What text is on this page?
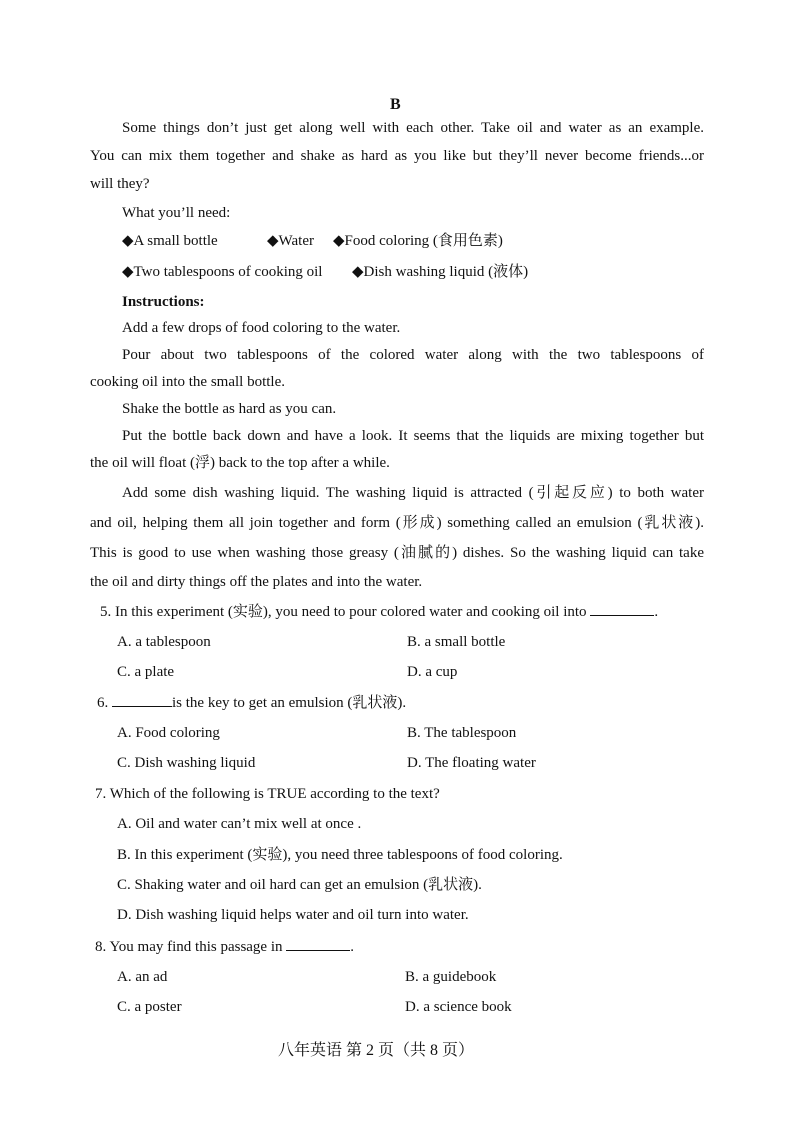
B
Some things don’t just get along well with each other. Take oil and water as an example.
You can mix them together and shake as hard as you like but they’ll never become friends...or
will they?
What you’ll need:
◆A small bottle	◆Water ◆Food coloring (食用色素)
◆Two tablespoons of cooking oil ◆Dish washing liquid (液体)
Instructions:
Add a few drops of food coloring to the water.
Pour about two tablespoons of the colored water along with the two tablespoons of
cooking oil into the small bottle.
Shake the bottle as hard as you can.
Put the bottle back down and have a look. It seems that the liquids are mixing together but
the oil will float (浮) back to the top after a while.
Add some dish washing liquid. The washing liquid is attracted (引起反应) to both water
and oil, helping them all join together and form (形成) something called an emulsion (乳状液).
This is good to use when washing those greasy (油腻的) dishes. So the washing liquid can take
the oil and dirty things off the plates and into the water.
5. In this experiment (实验), you need to pour colored water and cooking oil into	.
A. a tablespoon	B. a small bottle
C. a plate	D. a cup
6.	is the key to get an emulsion (乳状液).
A. Food coloring	B. The tablespoon
C. Dish washing liquid	D. The floating water
7. Which of the following is TRUE according to the text?
A. Oil and water can’t mix well at once .
B. In this experiment (实验), you need three tablespoons of food coloring.
C. Shaking water and oil hard can get an emulsion (乳状液).
D. Dish washing liquid helps water and oil turn into water.
8. You may find this passage in	.
A. an ad	B. a guidebook
C. a poster	D. a science book
八年英语 第 2 页（共 8 页）
